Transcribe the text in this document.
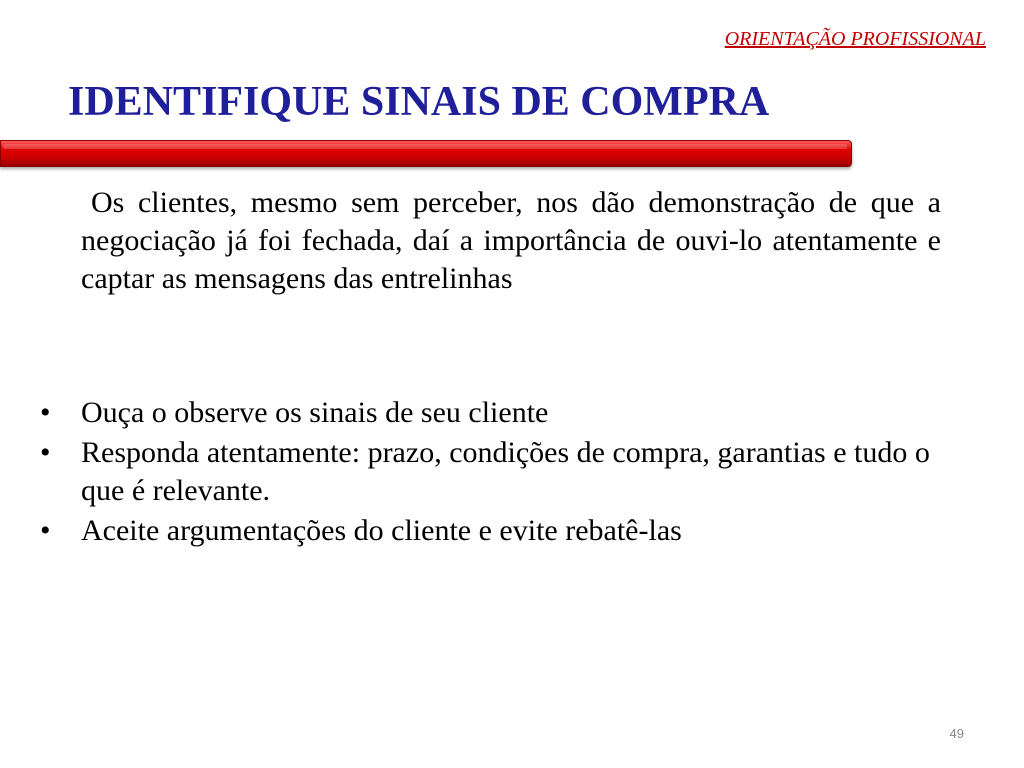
ORIENTAÇÃO PROFISSIONAL
IDENTIFIQUE SINAIS DE COMPRA

Os clientes, mesmo sem perceber, nos dão demonstração de que a negociação já foi fechada, daí a importância de ouvi-lo atentamente e captar as mensagens das entrelinhas

•	Ouça o observe os sinais de seu cliente
•	Responda atentamente: prazo, condições de compra, garantias e tudo o que é relevante.
•	Aceite argumentações do cliente e evite rebatê-las
49
